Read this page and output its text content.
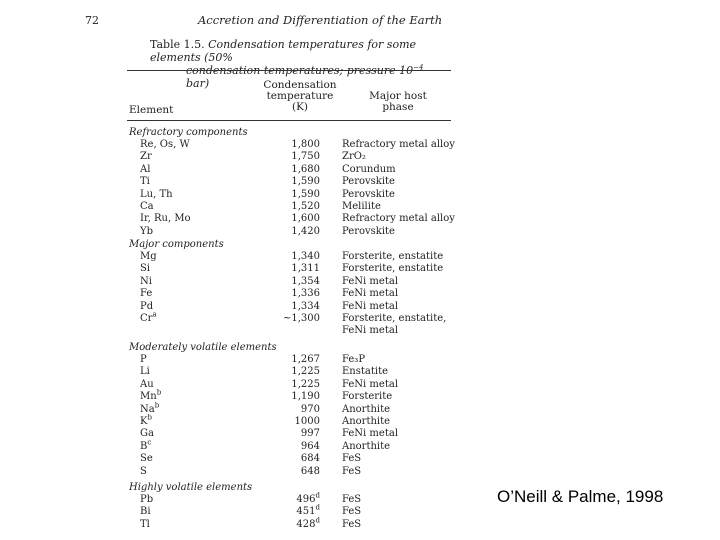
72	Accretion and Differentiation of the Earth
Table 1.5. Condensation temperatures for some elements (50%
condensation temperatures; pressure $10^{-4}$ bar)	Condensation
temperature
(K)
Major host
phase
Element
Refractory components
Re, Os, W	1,800 Refractory metal alloy
Zr	1,750 ZrO₂
Al	1,680 Corundum
Ti	1,590 Perovskite
Lu, Th	1,590 Perovskite
Ca	1,520 Melilite
Ir, Ru, Mo	1,600 Refractory metal alloy
Yb	1,420 Perovskite
Major components
Mg	1,340 Forsterite, enstatite
Si	1,311 Forsterite, enstatite
Ni	1,354 FeNi metal
Fe	1,336 FeNi metal
Pd	1,334 FeNi metal
Cr$^a$	~1,300 Forsterite, enstatite,
FeNi metal
Moderately volatile elements
P	1,267 Fe₃P
Li	1,225 Enstatite
Au	1,225 FeNi metal
Mn$^b$	1,190 Forsterite
Na$^b$	970 Anorthite
$K^b$	1000 Anorthite
Ga	997 FeNi metal
$B^c$	964 Anorthite
Se	684 FeS
S	648 FeS
Highly volatile elements
Pb	496$^d$ FeS
Bi	451$^d$ FeS
Tl	428$^d$ FeS
O’Neill & Palme, 1998
